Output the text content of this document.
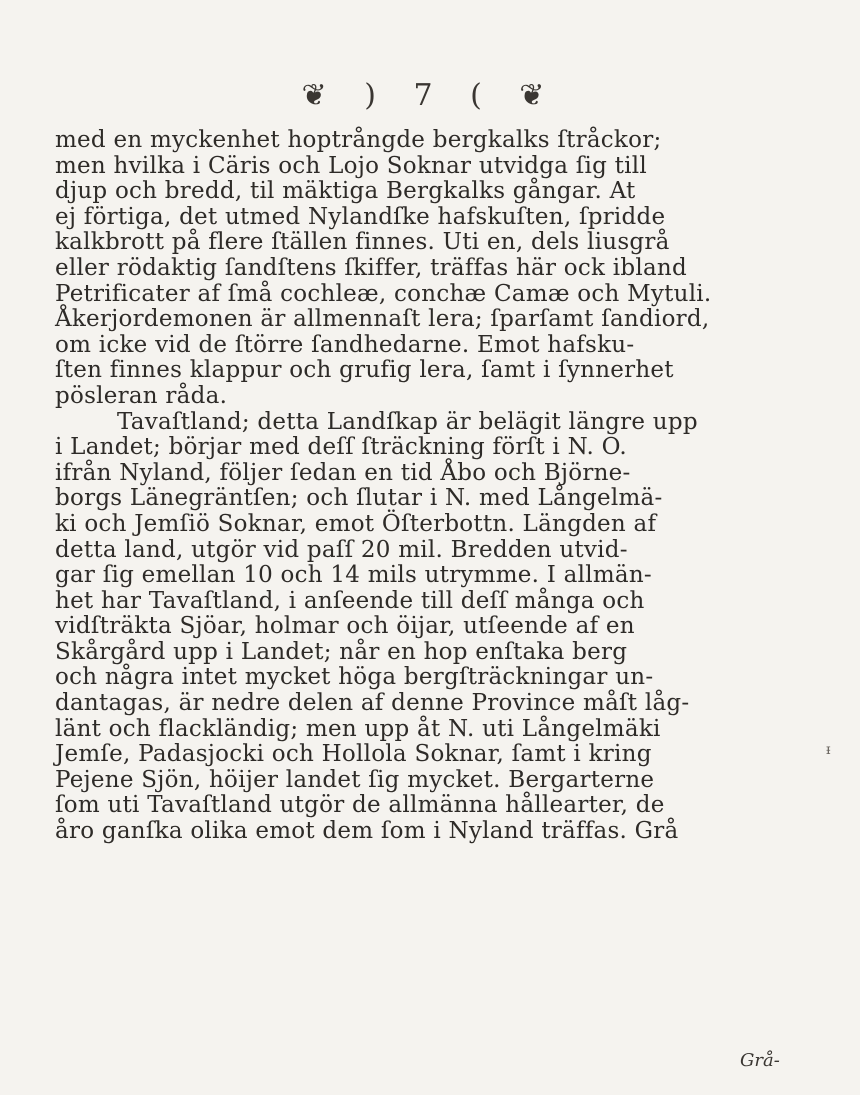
❦ ) 7 ( ❦
med en myckenhet hoptrångde bergkalks ſtråckor;
men hvilka i Cäris och Lojo Soknar utvidga ſig till
djup och bredd, til mäktiga Bergkalks gångar. At
ej förtiga, det utmed Nylandſke hafskuſten, ſpridde
kalkbrott på flere ſtällen finnes. Uti en, dels liusgrå
eller rödaktig ſandſtens ſkiffer, träffas här ock ibland
Petrificater af ſmå cochleæ, conchæ Camæ och Mytuli.
Åkerjordemonen är allmennaſt lera; ſparſamt ſandiord,
om icke vid de ſtörre ſandhedarne. Emot hafsku-
ſten finnes klappur och grufig lera, ſamt i ſynnerhet
pösleran råda.
Tavaſtland; detta Landſkap är belägit längre upp
i Landet; börjar med deſſ ſträckning förſt i N. O.
ifrån Nyland, följer ſedan en tid Åbo och Björne-
borgs Länegräntſen; och ſlutar i N. med Långelmä-
ki och Jemſiö Soknar, emot Öſterbottn. Längden af
detta land, utgör vid paſſ 20 mil. Bredden utvid-
gar ſig emellan 10 och 14 mils utrymme. I allmän-
het har Tavaſtland, i anſeende till deſſ många och
vidſträkta Sjöar, holmar och öijar, utſeende af en
Skårgård upp i Landet; når en hop enſtaka berg
och några intet mycket höga bergſträckningar un-
dantagas, är nedre delen af denne Province måſt låg-
länt och flackländig; men upp åt N. uti Långelmäki
Jemſe, Padasjocki och Hollola Soknar, ſamt i kring
Pejene Sjön, höijer landet ſig mycket. Bergarterne
ſom uti Tavaſtland utgör de allmänna hållearter, de
åro ganſka olika emot dem ſom i Nyland träffas. Grå
ᵻ
Grå-
